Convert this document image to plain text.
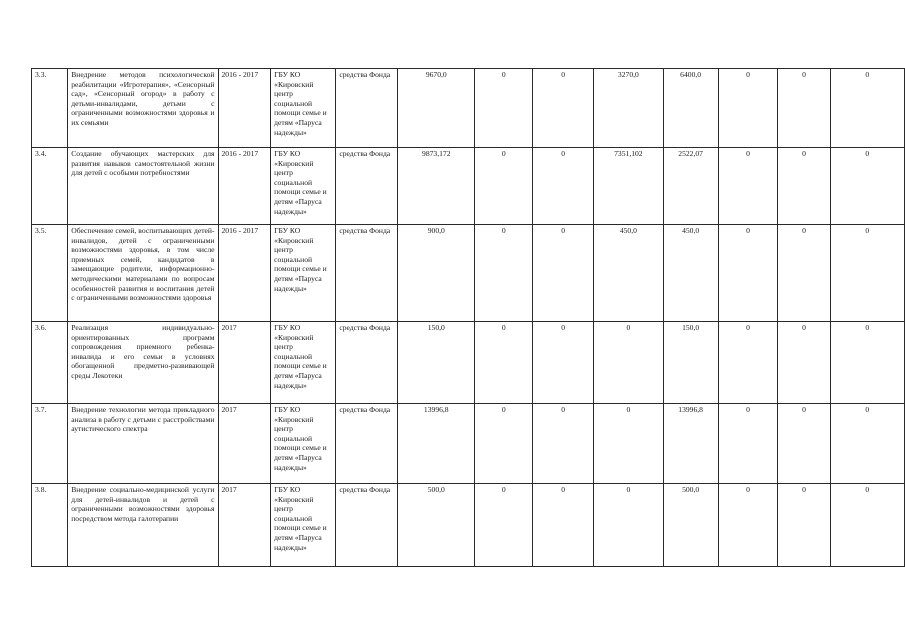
3.3.	Внедрение методов психологической реабилитации «Игротерапия», «Сенсорный сад», «Сенсорный огород» в работу с детьми-инвалидами, детьми с ограниченными возможностями здоровья и их семьями	2016 - 2017	ГБУ КО «Кировский центр социальной помощи семье и детям «Парусa надежды»	средства Фонда	9670,0	0	0	3270,0	6400,0	0	0	0
3.4.	Создание обучающих мастерских для развития навыков самостоятельной жизни для детей с особыми потребностями	2016 - 2017	ГБУ КО «Кировский центр социальной помощи семье и детям «Парусa надежды»	средства Фонда	9873,172	0	0	7351,102	2522,07	0	0	0
3.5.	Обеспечение семей, воспитывающих детей-инвалидов, детей с ограниченными возможностями здоровья, в том числе приемных семей, кандидатов в замещающие родители, информационно-методическими материалами по вопросам особенностей развития и воспитания детей с ограниченными возможностями здоровья	2016 - 2017	ГБУ КО «Кировский центр социальной помощи семье и детям «Парусa надежды»	средства Фонда	900,0	0	0	450,0	450,0	0	0	0
3.6.	Реализация индивидуально-ориентированных программ сопровождения приемного ребенка-инвалида и его семьи в условиях обогащенной предметно-развивающей среды Лекотеки	2017	ГБУ КО «Кировский центр социальной помощи семье и детям «Парусa надежды»	средства Фонда	150,0	0	0	0	150,0	0	0	0
3.7.	Внедрение технологии метода прикладного анализа в работу с детьми с расстройствами аутистического спектра	2017	ГБУ КО «Кировский центр социальной помощи семье и детям «Парусa надежды»	средства Фонда	13996,8	0	0	0	13996,8	0	0	0
3.8.	Внедрение социально-медицинской услуги для детей-инвалидов и детей с ограниченными возможностями здоровья посредством метода галотерапии	2017	ГБУ КО «Кировский центр социальной помощи семье и детям «Парусa надежды»	средства Фонда	500,0	0	0	0	500,0	0	0	0
